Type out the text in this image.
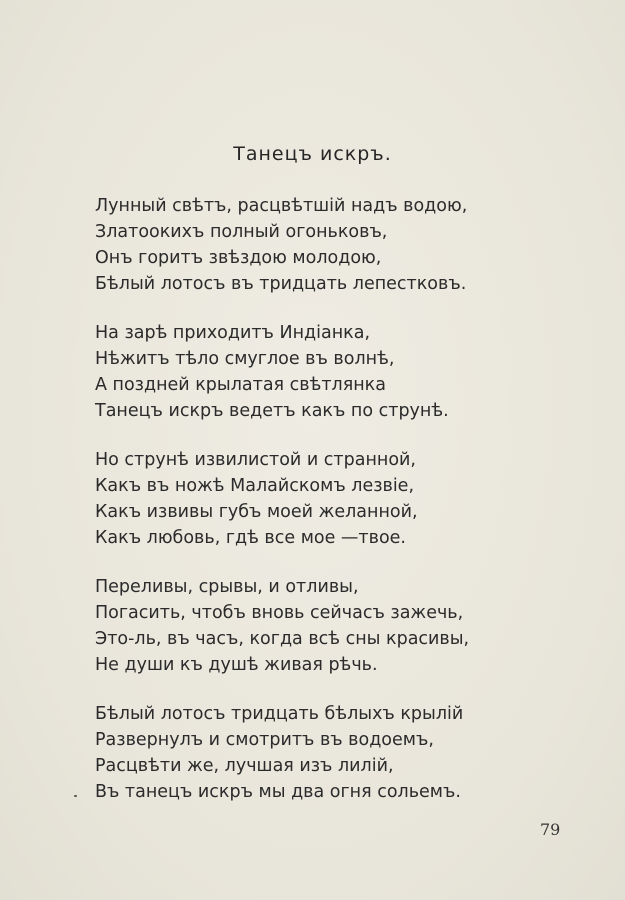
Танецъ искръ.
Лунный свѣтъ, расцвѣтшій надъ водою,
Златоокихъ полный огоньковъ,
Онъ горитъ звѣздою молодою,
Бѣлый лотосъ въ тридцать лепестковъ.
На зарѣ приходитъ Индіанка,
Нѣжитъ тѣло смуглое въ волнѣ,
А поздней крылатая свѣтлянка
Танецъ искръ ведетъ какъ по струнѣ.
Но струнѣ извилистой и странной,
Какъ въ ножѣ Малайскомъ лезвіе,
Какъ извивы губъ моей желанной,
Какъ любовь, гдѣ все мое —твое.
Переливы, срывы, и отливы,
Погасить, чтобъ вновь сейчасъ зажечь,
Это-ль, въ часъ, когда всѣ сны красивы,
Не души къ душѣ живая рѣчь.
Бѣлый лотосъ тридцать бѣлыхъ крылій
Развернулъ и смотритъ въ водоемъ,
Расцвѣти же, лучшая изъ лилій,
Въ танецъ искръ мы два огня сольемъ.
79
